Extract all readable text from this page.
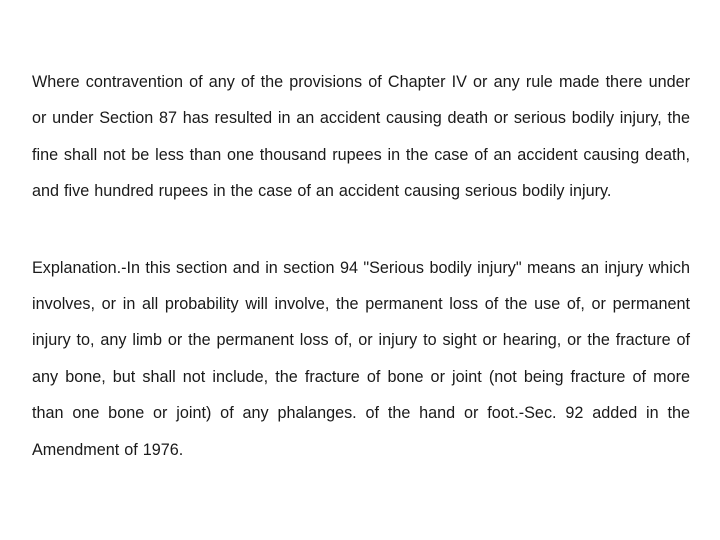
Where contravention of any of the provisions of Chapter IV or any rule made there under or under Section 87 has resulted in an accident causing death or serious bodily injury, the fine shall not be less than one thousand rupees in the case of an accident causing death, and five hundred rupees in the case of an accident causing serious bodily injury.

Explanation.-In this section and in section 94 "Serious bodily injury" means an injury which involves, or in all probability will involve, the permanent loss of the use of, or permanent injury to, any limb or the permanent loss of, or injury to sight or hearing, or the fracture of any bone, but shall not include, the fracture of bone or joint (not being fracture of more than one bone or joint) of any phalanges. of the hand or foot.-Sec. 92 added in the Amendment of 1976.
